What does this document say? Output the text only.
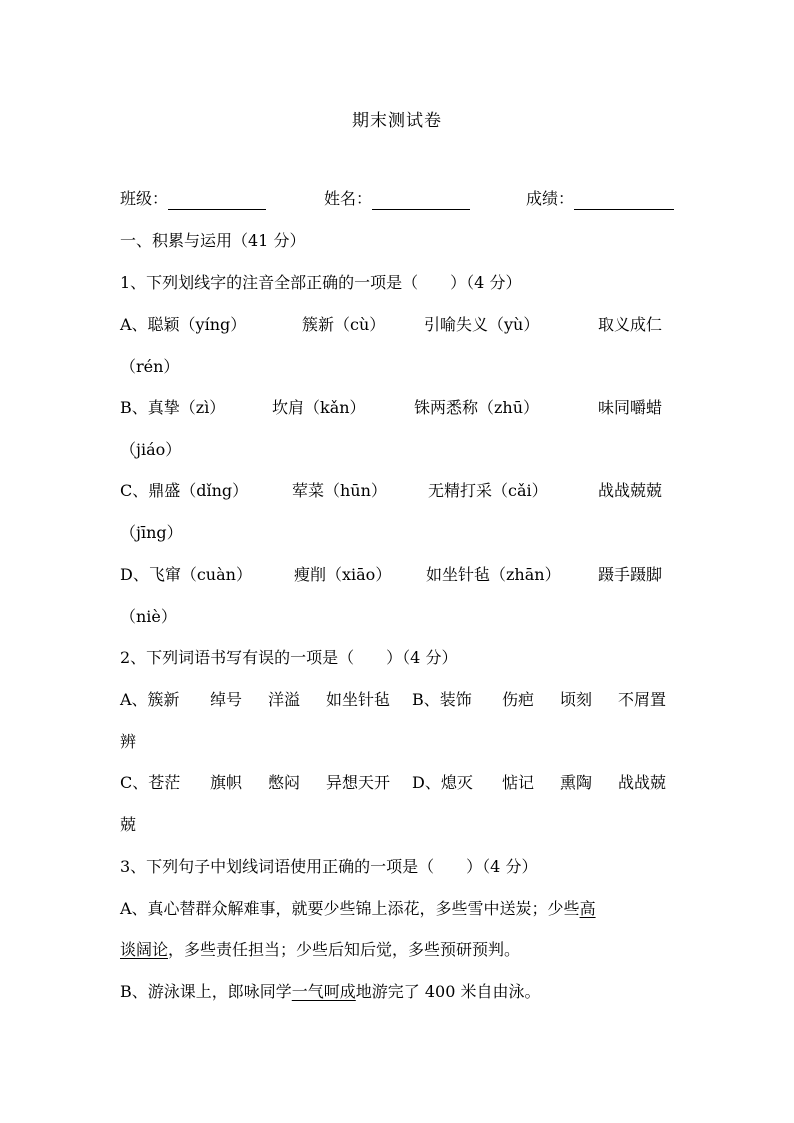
期末测试卷
班级：	姓名：	成绩：
一、积累与运用（41 分）
1、下列划线字的注音全部正确的一项是（　　）（4 分）
A、聪颖（yíng）	簇新（cù） 引喻失义（yù）	取义成仁
（rén）
B、真挚（zì）	坎肩（kǎn）	铢两悉称（zhū）	味同嚼蜡
（jiáo）
C、鼎盛（dǐng）	荤菜（hūn）	无精打采（cǎi）	战战兢兢
（jīng）
D、飞窜（cuàn）	瘦削（xiāo） 如坐针毡（zhān） 蹑手蹑脚
（niè）
2、下列词语书写有误的一项是（　　）（4 分）
A、簇新 绰号 洋溢 如坐针毡 B、装饰 伤疤 顷刻 不屑置
辨
C、苍茫 旗帜 憋闷 异想天开 D、熄灭 惦记 熏陶 战战兢
兢
3、下列句子中划线词语使用正确的一项是（　　）（4 分）
A、真心替群众解难事，就要少些锦上添花，多些雪中送炭；少些高
谈阔论，多些责任担当；少些后知后觉，多些预研预判。
B、游泳课上，郎咏同学一气呵成地游完了 400 米自由泳。
